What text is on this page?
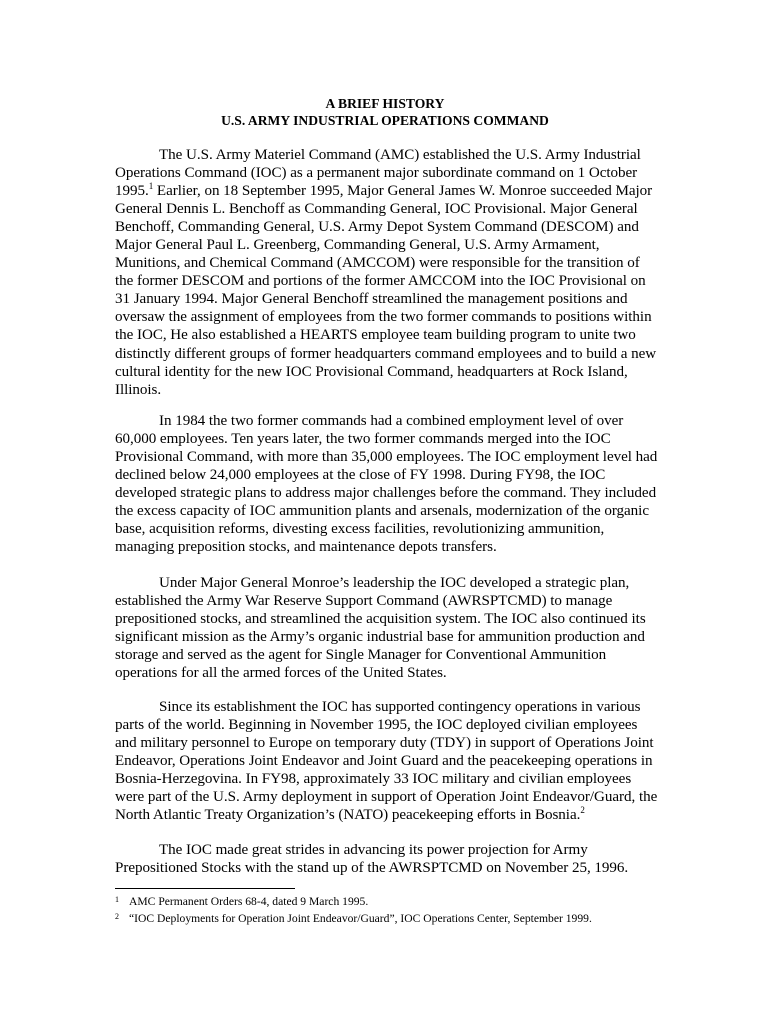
A BRIEF HISTORY
U.S. ARMY INDUSTRIAL OPERATIONS COMMAND

The U.S. Army Materiel Command (AMC) established the U.S. Army Industrial Operations Command (IOC) as a permanent major subordinate command on 1 October 1995.$^1$ Earlier, on 18 September 1995, Major General James W. Monroe succeeded Major General Dennis L. Benchoff as Commanding General, IOC Provisional. Major General Benchoff, Commanding General, U.S. Army Depot System Command (DESCOM) and Major General Paul L. Greenberg, Commanding General, U.S. Army Armament, Munitions, and Chemical Command (AMCCOM) were responsible for the transition of the former DESCOM and portions of the former AMCCOM into the IOC Provisional on 31 January 1994. Major General Benchoff streamlined the management positions and oversaw the assignment of employees from the two former commands to positions within the IOC, He also established a HEARTS employee team building program to unite two distinctly different groups of former headquarters command employees and to build a new cultural identity for the new IOC Provisional Command, headquarters at Rock Island, Illinois.

In 1984 the two former commands had a combined employment level of over 60,000 employees. Ten years later, the two former commands merged into the IOC Provisional Command, with more than 35,000 employees. The IOC employment level had declined below 24,000 employees at the close of FY 1998. During FY98, the IOC developed strategic plans to address major challenges before the command. They included the excess capacity of IOC ammunition plants and arsenals, modernization of the organic base, acquisition reforms, divesting excess facilities, revolutionizing ammunition, managing preposition stocks, and maintenance depots transfers.

Under Major General Monroe’s leadership the IOC developed a strategic plan, established the Army War Reserve Support Command (AWRSPTCMD) to manage prepositioned stocks, and streamlined the acquisition system. The IOC also continued its significant mission as the Army’s organic industrial base for ammunition production and storage and served as the agent for Single Manager for Conventional Ammunition operations for all the armed forces of the United States.

Since its establishment the IOC has supported contingency operations in various parts of the world. Beginning in November 1995, the IOC deployed civilian employees and military personnel to Europe on temporary duty (TDY) in support of Operations Joint Endeavor, Operations Joint Endeavor and Joint Guard and the peacekeeping operations in Bosnia-Herzegovina. In FY98, approximately 33 IOC military and civilian employees were part of the U.S. Army deployment in support of Operation Joint Endeavor/Guard, the North Atlantic Treaty Organization’s (NATO) peacekeeping efforts in Bosnia.$^2$

The IOC made great strides in advancing its power projection for Army Prepositioned Stocks with the stand up of the AWRSPTCMD on November 25, 1996.

1 AMC Permanent Orders 68-4, dated 9 March 1995.

2 “IOC Deployments for Operation Joint Endeavor/Guard”, IOC Operations Center, September 1999.
